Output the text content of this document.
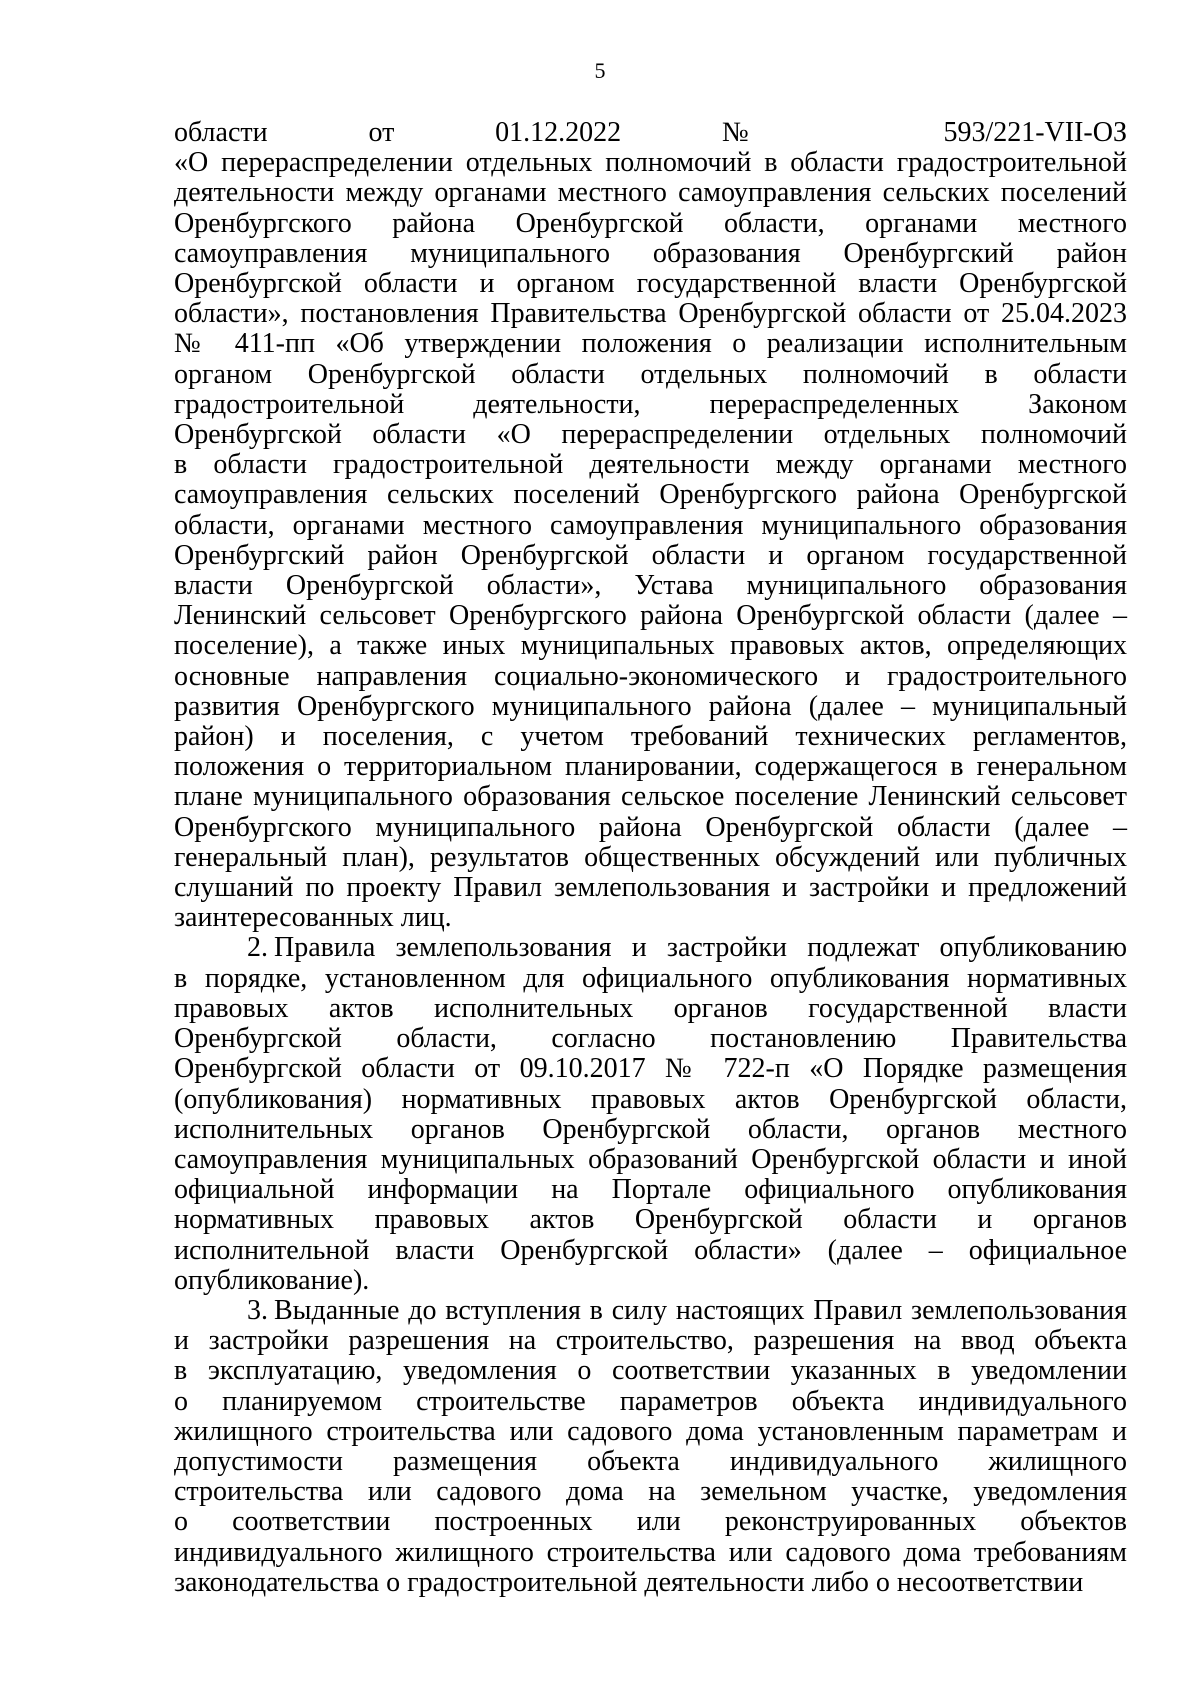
5

области от 01.12.2022 № 593/221-VII-ОЗ
«О перераспределении отдельных полномочий в области градостроительной
деятельности между органами местного самоуправления сельских поселений
Оренбургского района Оренбургской области, органами местного
самоуправления муниципального образования Оренбургский район
Оренбургской области и органом государственной власти Оренбургской
области», постановления Правительства Оренбургской области от 25.04.2023
№ 411-пп «Об утверждении положения о реализации исполнительным
органом Оренбургской области отдельных полномочий в области
градостроительной деятельности, перераспределенных Законом
Оренбургской области «О перераспределении отдельных полномочий
в области градостроительной деятельности между органами местного
самоуправления сельских поселений Оренбургского района Оренбургской
области, органами местного самоуправления муниципального образования
Оренбургский район Оренбургской области и органом государственной
власти Оренбургской области», Устава муниципального образования
Ленинский сельсовет Оренбургского района Оренбургской области (далее –
поселение), а также иных муниципальных правовых актов, определяющих
основные направления социально-экономического и градостроительного
развития Оренбургского муниципального района (далее – муниципальный
район) и поселения, с учетом требований технических регламентов,
положения о территориальном планировании, содержащегося в генеральном
плане муниципального образования сельское поселение Ленинский сельсовет
Оренбургского муниципального района Оренбургской области (далее –
генеральный план), результатов общественных обсуждений или публичных
слушаний по проекту Правил землепользования и застройки и предложений
заинтересованных лиц.

2. Правила землепользования и застройки подлежат опубликованию
в порядке, установленном для официального опубликования нормативных
правовых актов исполнительных органов государственной власти
Оренбургской области, согласно постановлению Правительства
Оренбургской области от 09.10.2017 № 722-п «О Порядке размещения
(опубликования) нормативных правовых актов Оренбургской области,
исполнительных органов Оренбургской области, органов местного
самоуправления муниципальных образований Оренбургской области и иной
официальной информации на Портале официального опубликования
нормативных правовых актов Оренбургской области и органов
исполнительной власти Оренбургской области» (далее – официальное
опубликование).

3. Выданные до вступления в силу настоящих Правил землепользования
и застройки разрешения на строительство, разрешения на ввод объекта
в эксплуатацию, уведомления о соответствии указанных в уведомлении
о планируемом строительстве параметров объекта индивидуального
жилищного строительства или садового дома установленным параметрам и
допустимости размещения объекта индивидуального жилищного
строительства или садового дома на земельном участке, уведомления
о соответствии построенных или реконструированных объектов
индивидуального жилищного строительства или садового дома требованиям
законодательства о градостроительной деятельности либо о несоответствии
